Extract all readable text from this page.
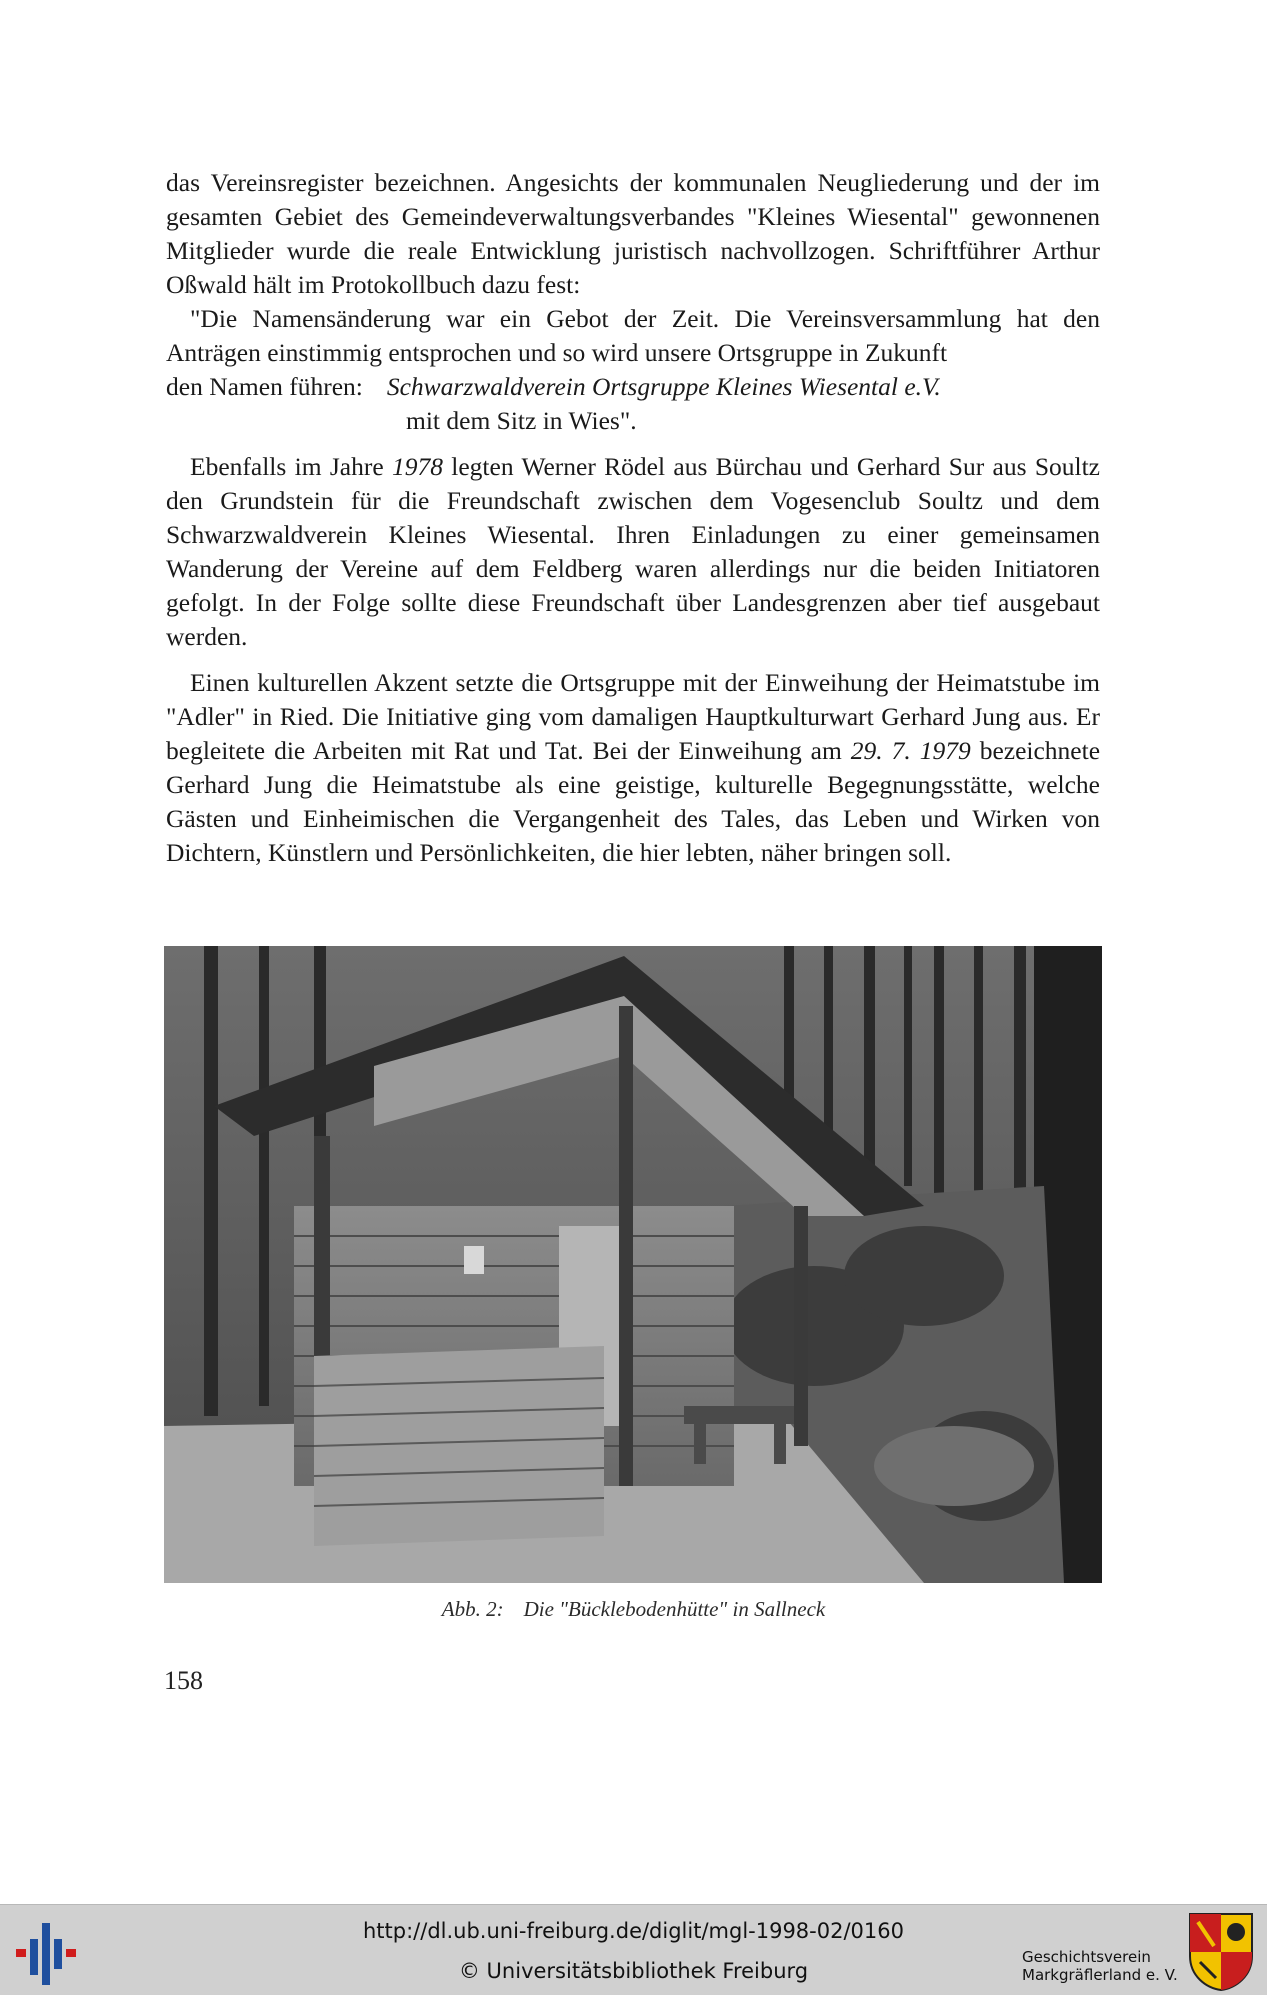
das Vereinsregister bezeichnen. Angesichts der kommunalen Neugliederung und der im gesamten Gebiet des Gemeindeverwaltungsverbandes "Kleines Wiesental" gewonnenen Mitglieder wurde die reale Entwicklung juristisch nachvollzogen. Schriftführer Arthur Oßwald hält im Protokollbuch dazu fest:

"Die Namensänderung war ein Gebot der Zeit. Die Vereinsversammlung hat den Anträgen einstimmig entsprochen und so wird unsere Ortsgruppe in Zukunft

den Namen führen: Schwarzwaldverein Ortsgruppe Kleines Wiesental e.V.
mit dem Sitz in Wies".

Ebenfalls im Jahre 1978 legten Werner Rödel aus Bürchau und Gerhard Sur aus Soultz den Grundstein für die Freundschaft zwischen dem Vogesenclub Soultz und dem Schwarzwaldverein Kleines Wiesental. Ihren Einladungen zu einer gemeinsamen Wanderung der Vereine auf dem Feldberg waren allerdings nur die beiden Initiatoren gefolgt. In der Folge sollte diese Freundschaft über Landesgrenzen aber tief ausgebaut werden.

Einen kulturellen Akzent setzte die Ortsgruppe mit der Einweihung der Heimatstube im "Adler" in Ried. Die Initiative ging vom damaligen Hauptkulturwart Gerhard Jung aus. Er begleitete die Arbeiten mit Rat und Tat. Bei der Einweihung am 29. 7. 1979 bezeichnete Gerhard Jung die Heimatstube als eine geistige, kulturelle Begegnungsstätte, welche Gästen und Einheimischen die Vergangenheit des Tales, das Leben und Wirken von Dichtern, Künstlern und Persönlichkeiten, die hier lebten, näher bringen soll.

Abb. 2: Die "Bücklebodenhütte" in Sallneck
158
http://dl.ub.uni-freiburg.de/diglit/mgl-1998-02/0160
© Universitätsbibliothek Freiburg
Geschichtsverein
Markgräflerland e. V.
